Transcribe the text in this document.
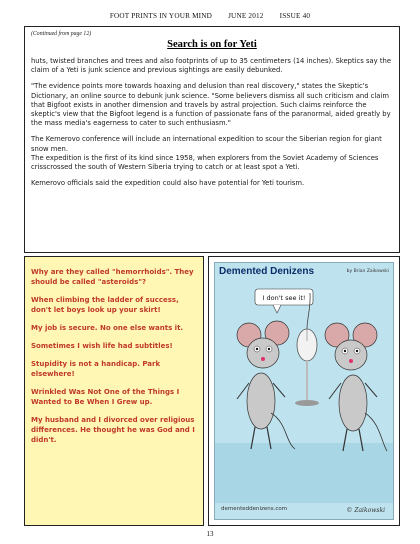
FOOT PRINTS IN YOUR MIND JUNE 2012 ISSUE 40
(Continued from page 12)
Search is on for Yeti

huts, twisted branches and trees and also footprints of up to 35 centimeters (14 inches). Skeptics say the claim of a Yeti is junk science and previous sightings are easily debunked.

"The evidence points more towards hoaxing and delusion than real discovery," states the Skeptic's Dictionary, an online source to debunk junk science. "Some believers dismiss all such criticism and claim that Bigfoot exists in another dimension and travels by astral projection. Such claims reinforce the skeptic's view that the Bigfoot legend is a function of passionate fans of the paranormal, aided greatly by the mass media's eagerness to cater to such enthusiasm."

The Kemerovo conference will include an international expedition to scour the Siberian region for giant snow men.

The expedition is the first of its kind since 1958, when explorers from the Soviet Academy of Sciences crisscrossed the south of Western Siberia trying to catch or at least spot a Yeti.

Kemerovo officials said the expedition could also have potential for Yeti tourism.

Why are they called "hemorrhoids". They should be called "asteroids"?

When climbing the ladder of success, don't let boys look up your skirt!

My job is secure. No one else wants it.

Sometimes I wish life had subtitles!

Stupidity is not a handicap. Park elsewhere!

Wrinkled Was Not One of the Things I Wanted to Be When I Grew up.

My husband and I divorced over religious differences. He thought he was God and I didn't.

Demented Denizens	by Brian Zaikowski
I don't see it!
dementeddenizens.com	© Zaikowski
13
